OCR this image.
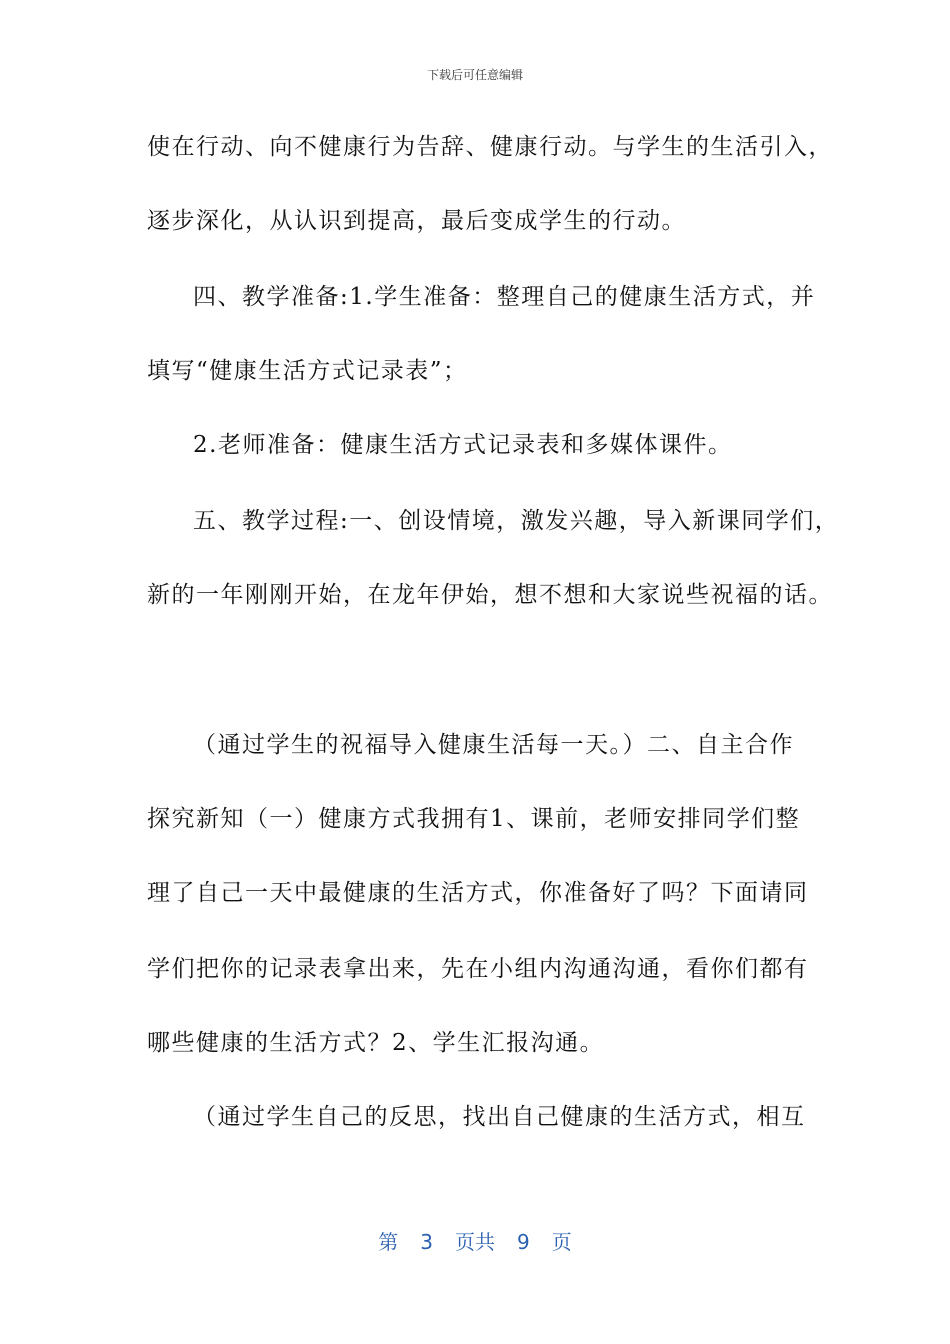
下载后可任意编辑
使在行动、向不健康行为告辞、健康行动。与学生的生活引入，
逐步深化，从认识到提高，最后变成学生的行动。
四、教学准备:1.学生准备：整理自己的健康生活方式，并
填写“健康生活方式记录表”；
2.老师准备：健康生活方式记录表和多媒体课件。
五、教学过程:一、创设情境，激发兴趣，导入新课同学们，
新的一年刚刚开始，在龙年伊始，想不想和大家说些祝福的话。
（通过学生的祝福导入健康生活每一天。）二、自主合作
探究新知（一）健康方式我拥有1、课前，老师安排同学们整
理了自己一天中最健康的生活方式，你准备好了吗？下面请同
学们把你的记录表拿出来，先在小组内沟通沟通，看你们都有
哪些健康的生活方式？2、学生汇报沟通。
（通过学生自己的反思，找出自己健康的生活方式，相互
第 3 页共 9 页
